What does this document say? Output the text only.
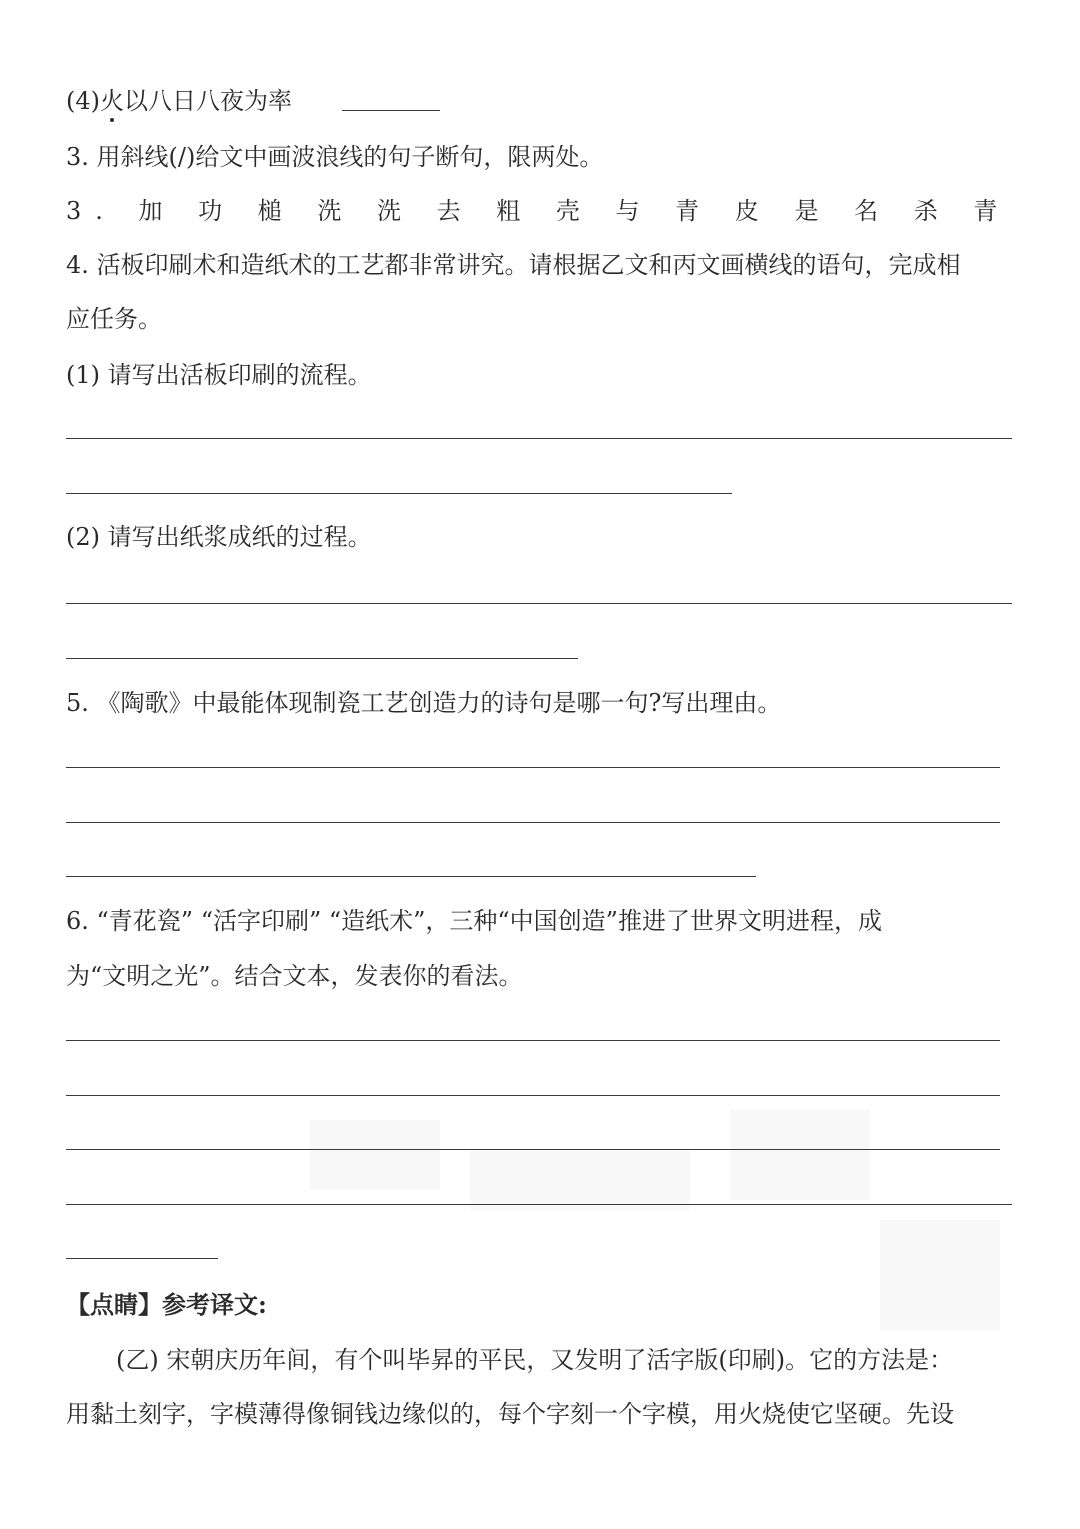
(4)火以八日八夜为率
3. 用斜线(/)给文中画波浪线的句子断句，限两处。
3. 加 功 槌 洗 洗 去 粗 壳 与 青 皮 是 名 杀 青
4. 活板印刷术和造纸术的工艺都非常讲究。请根据乙文和丙文画横线的语句，完成相
应任务。
(1) 请写出活板印刷的流程。
(2) 请写出纸浆成纸的过程。
5. 《陶歌》中最能体现制瓷工艺创造力的诗句是哪一句?写出理由。
6. “青花瓷” “活字印刷” “造纸术”，三种“中国创造”推进了世界文明进程，成
为“文明之光”。结合文本，发表你的看法。
【点睛】参考译文:
(乙) 宋朝庆历年间，有个叫毕昇的平民，又发明了活字版(印刷)。它的方法是：
用黏土刻字，字模薄得像铜钱边缘似的，每个字刻一个字模，用火烧使它坚硬。先设
